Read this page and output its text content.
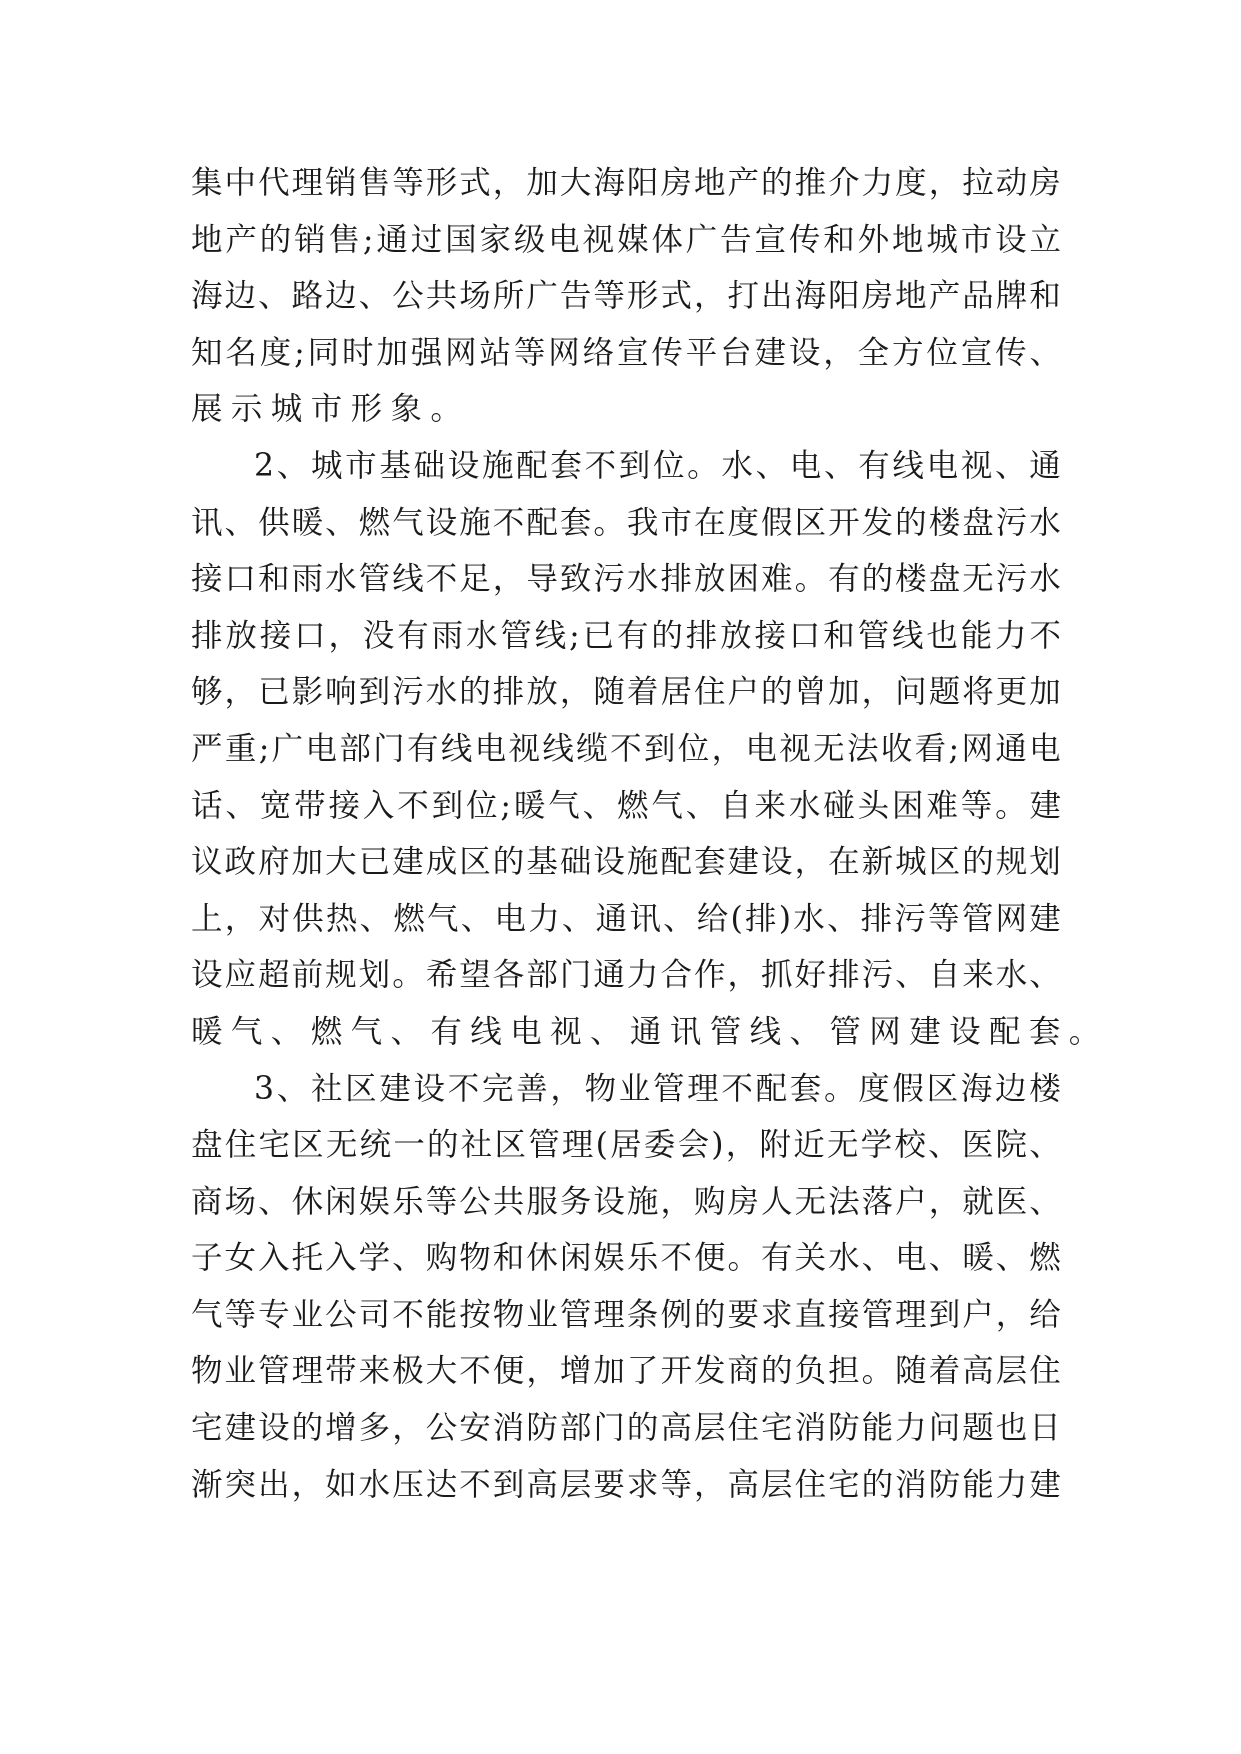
集 中 代 理 销 售 等 形 式 ， 加 大 海 阳 房 地 产 的 推 介 力 度 ， 拉 动 房
地 产 的 销 售 ; 通 过 国 家 级 电 视 媒 体 广 告 宣 传 和 外 地 城 市 设 立
海 边 、 路 边 、 公 共 场 所 广 告 等 形 式 ， 打 出 海 阳 房 地 产 品 牌 和
知 名 度 ; 同 时 加 强 网 站 等 网 络 宣 传 平 台 建 设 ， 全 方 位 宣 传 、
展示城市形象。
2 、 城 市 基 础 设 施 配 套 不 到 位 。 水 、 电 、 有 线 电 视 、 通
讯 、 供 暖 、 燃 气 设 施 不 配 套 。 我 市 在 度 假 区 开 发 的 楼 盘 污 水
接 口 和 雨 水 管 线 不 足 ， 导 致 污 水 排 放 困 难 。 有 的 楼 盘 无 污 水
排 放 接 口 ， 没 有 雨 水 管 线 ; 已 有 的 排 放 接 口 和 管 线 也 能 力 不
够 ， 已 影 响 到 污 水 的 排 放 ， 随 着 居 住 户 的 曾 加 ， 问 题 将 更 加
严 重 ; 广 电 部 门 有 线 电 视 线 缆 不 到 位 ， 电 视 无 法 收 看 ; 网 通 电
话 、 宽 带 接 入 不 到 位 ; 暖 气 、 燃 气 、 自 来 水 碰 头 困 难 等 。 建
议 政 府 加 大 已 建 成 区 的 基 础 设 施 配 套 建 设 ， 在 新 城 区 的 规 划
上 ， 对 供 热 、 燃 气 、 电 力 、 通 讯 、 给 ( 排 ) 水 、 排 污 等 管 网 建
设 应 超 前 规 划 。 希 望 各 部 门 通 力 合 作 ， 抓 好 排 污 、 自 来 水 、
暖气、燃气、有线电视、通讯管线、管网建设配套。
3 、 社 区 建 设 不 完 善 ， 物 业 管 理 不 配 套 。 度 假 区 海 边 楼
盘 住 宅 区 无 统 一 的 社 区 管 理 ( 居 委 会 ) ， 附 近 无 学 校 、 医 院 、
商 场 、 休 闲 娱 乐 等 公 共 服 务 设 施 ， 购 房 人 无 法 落 户 ， 就 医 、
子 女 入 托 入 学 、 购 物 和 休 闲 娱 乐 不 便 。 有 关 水 、 电 、 暖 、 燃
气 等 专 业 公 司 不 能 按 物 业 管 理 条 例 的 要 求 直 接 管 理 到 户 ， 给
物 业 管 理 带 来 极 大 不 便 ， 增 加 了 开 发 商 的 负 担 。 随 着 高 层 住
宅 建 设 的 增 多 ， 公 安 消 防 部 门 的 高 层 住 宅 消 防 能 力 问 题 也 日
渐 突 出 ， 如 水 压 达 不 到 高 层 要 求 等 ， 高 层 住 宅 的 消 防 能 力 建
